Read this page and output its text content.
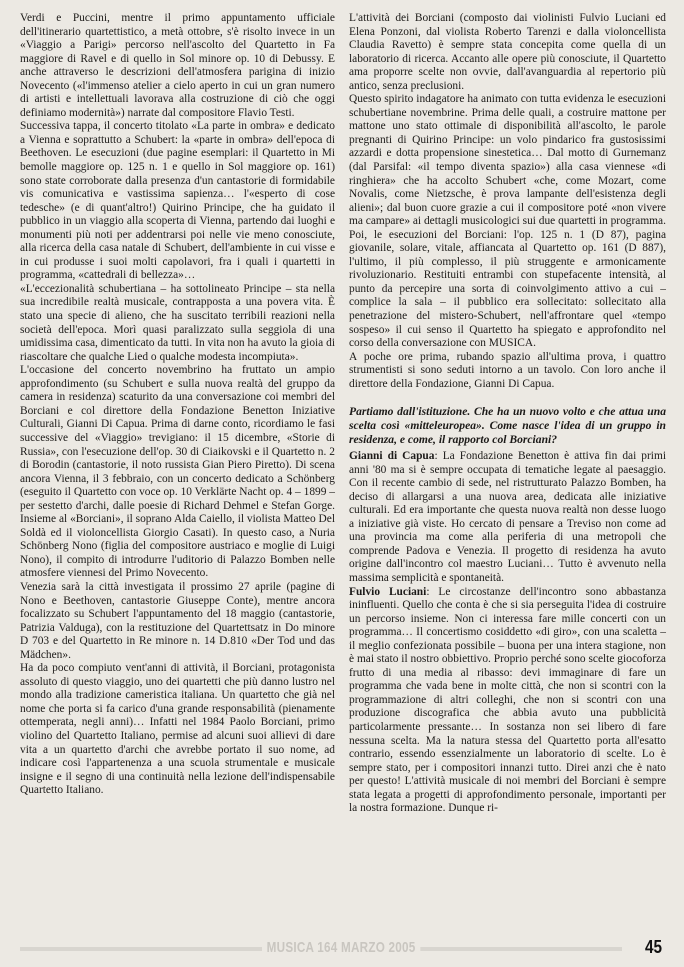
Verdi e Puccini, mentre il primo appuntamento ufficiale dell'itinerario quartettistico, a metà ottobre, s'è risolto invece in un «Viaggio a Parigi» percorso nell'ascolto del Quartetto in Fa maggiore di Ravel e di quello in Sol minore op. 10 di Debussy. E anche attraverso le descrizioni dell'atmosfera parigina di inizio Novecento («l'immenso atelier a cielo aperto in cui un gran numero di artisti e intellettuali lavorava alla costruzione di ciò che oggi definiamo modernità») narrate dal compositore Flavio Testi.

Successiva tappa, il concerto titolato «La parte in ombra» e dedicato a Vienna e soprattutto a Schubert: la «parte in ombra» dell'epoca di Beethoven. Le esecuzioni (due pagine esemplari: il Quartetto in Mi bemolle maggiore op. 125 n. 1 e quello in Sol maggiore op. 161) sono state corroborate dalla presenza d'un cantastorie di formidabile vis comunicativa e vastissima sapienza… l'«esperto di cose tedesche» (e di quant'altro!) Quirino Principe, che ha guidato il pubblico in un viaggio alla scoperta di Vienna, partendo dai luoghi e monumenti più noti per addentrarsi poi nelle vie meno conosciute, alla ricerca della casa natale di Schubert, dell'ambiente in cui visse e in cui produsse i suoi molti capolavori, fra i quali i quartetti in programma, «cattedrali di bellezza»…

«L'eccezionalità schubertiana – ha sottolineato Principe – sta nella sua incredibile realtà musicale, contrapposta a una povera vita. È stato una specie di alieno, che ha suscitato terribili reazioni nella società dell'epoca. Morì quasi paralizzato sulla seggiola di una umidissima casa, dimenticato da tutti. In vita non ha avuto la gioia di riascoltare che qualche Lied o qualche modesta incompiuta».

L'occasione del concerto novembrino ha fruttato un ampio approfondimento (su Schubert e sulla nuova realtà del gruppo da camera in residenza) scaturito da una conversazione coi membri del Borciani e col direttore della Fondazione Benetton Iniziative Culturali, Gianni Di Capua. Prima di darne conto, ricordiamo le fasi successive del «Viaggio» trevigiano: il 15 dicembre, «Storie di Russia», con l'esecuzione dell'op. 30 di Ciaikovski e il Quartetto n. 2 di Borodin (cantastorie, il noto russista Gian Piero Piretto). Di scena ancora Vienna, il 3 febbraio, con un concerto dedicato a Schönberg (eseguito il Quartetto con voce op. 10 Verklärte Nacht op. 4 – 1899 – per sestetto d'archi, dalle poesie di Richard Dehmel e Stefan Gorge. Insieme al «Borciani», il soprano Alda Caiello, il violista Matteo Del Soldà ed il violoncellista Giorgio Casati). In questo caso, a Nuria Schönberg Nono (figlia del compositore austriaco e moglie di Luigi Nono), il compito di introdurre l'uditorio di Palazzo Bomben nelle atmosfere viennesi del Primo Novecento.

Venezia sarà la città investigata il prossimo 27 aprile (pagine di Nono e Beethoven, cantastorie Giuseppe Conte), mentre ancora focalizzato su Schubert l'appuntamento del 18 maggio (cantastorie, Patrizia Valduga), con la restituzione del Quartettsatz in Do minore D 703 e del Quartetto in Re minore n. 14 D.810 «Der Tod und das Mädchen».

Ha da poco compiuto vent'anni di attività, il Borciani, protagonista assoluto di questo viaggio, uno dei quartetti che più danno lustro nel mondo alla tradizione cameristica italiana. Un quartetto che già nel nome che porta si fa carico d'una grande responsabilità (pienamente ottemperata, negli anni)… Infatti nel 1984 Paolo Borciani, primo violino del Quartetto Italiano, permise ad alcuni suoi allievi di dare vita a un quartetto d'archi che avrebbe portato il suo nome, ad indicare così l'appartenenza a una scuola strumentale e musicale insigne e il segno di una continuità nella lezione dell'indispensabile Quartetto Italiano.

L'attività dei Borciani (composto dai violinisti Fulvio Luciani ed Elena Ponzoni, dal violista Roberto Tarenzi e dalla violoncellista Claudia Ravetto) è sempre stata concepita come quella di un laboratorio di ricerca. Accanto alle opere più conosciute, il Quartetto ama proporre scelte non ovvie, dall'avanguardia al repertorio più antico, senza preclusioni.

Questo spirito indagatore ha animato con tutta evidenza le esecuzioni schubertiane novembrine. Prima delle quali, a costruire mattone per mattone uno stato ottimale di disponibilità all'ascolto, le parole pregnanti di Quirino Principe: un volo pindarico fra gustosissimi azzardi e dotta propensione sinestetica… Dal motto di Gurnemanz (dal Parsifal: «il tempo diventa spazio») alla casa viennese «di ringhiera» che ha accolto Schubert «che, come Mozart, come Novalis, come Nietzsche, è prova lampante dell'esistenza degli alieni»; dal buon cuore grazie a cui il compositore poté «non vivere ma campare» ai dettagli musicologici sui due quartetti in programma.

Poi, le esecuzioni del Borciani: l'op. 125 n. 1 (D 87), pagina giovanile, solare, vitale, affiancata al Quartetto op. 161 (D 887), l'ultimo, il più complesso, il più struggente e armonicamente rivoluzionario. Restituiti entrambi con stupefacente intensità, al punto da percepire una sorta di coinvolgimento attivo a cui – complice la sala – il pubblico era sollecitato: sollecitato alla penetrazione del mistero-Schubert, nell'affrontare quel «tempo sospeso» il cui senso il Quartetto ha spiegato e approfondito nel corso della conversazione con MUSICA.

A poche ore prima, rubando spazio all'ultima prova, i quattro strumentisti si sono seduti intorno a un tavolo. Con loro anche il direttore della Fondazione, Gianni Di Capua.

Partiamo dall'istituzione. Che ha un nuovo volto e che attua una scelta così «mitteleuropea». Come nasce l'idea di un gruppo in residenza, e come, il rapporto col Borciani?

Gianni di Capua: La Fondazione Benetton è attiva fin dai primi anni '80 ma si è sempre occupata di tematiche legate al paesaggio. Con il recente cambio di sede, nel ristrutturato Palazzo Bomben, ha deciso di allargarsi a una nuova area, dedicata alle iniziative culturali. Ed era importante che questa nuova realtà non desse luogo a iniziative già viste. Ho cercato di pensare a Treviso non come ad una provincia ma come alla periferia di una metropoli che comprende Padova e Venezia. Il progetto di residenza ha avuto origine dall'incontro col maestro Luciani… Tutto è avvenuto nella massima semplicità e spontaneità.

Fulvio Luciani: Le circostanze dell'incontro sono abbastanza ininfluenti. Quello che conta è che si sia perseguita l'idea di costruire un percorso insieme. Non ci interessa fare mille concerti con un programma… Il concertismo cosiddetto «di giro», con una scaletta – il meglio confezionata possibile – buona per una intera stagione, non è mai stato il nostro obbiettivo. Proprio perché sono scelte giocoforza frutto di una media al ribasso: devi immaginare di fare un programma che vada bene in molte città, che non si scontri con la programmazione di altri colleghi, che non si scontri con una produzione discografica che abbia avuto una pubblicità particolarmente pressante… In sostanza non sei libero di fare nessuna scelta. Ma la natura stessa del Quartetto porta all'esatto contrario, essendo essenzialmente un laboratorio di scelte. Lo è sempre stato, per i compositori innanzi tutto. Direi anzi che è nato per questo! L'attività musicale di noi membri del Borciani è sempre stata legata a progetti di approfondimento personale, importanti per la nostra formazione. Dunque ri-

MUSICA 164 MARZO 2005	45
